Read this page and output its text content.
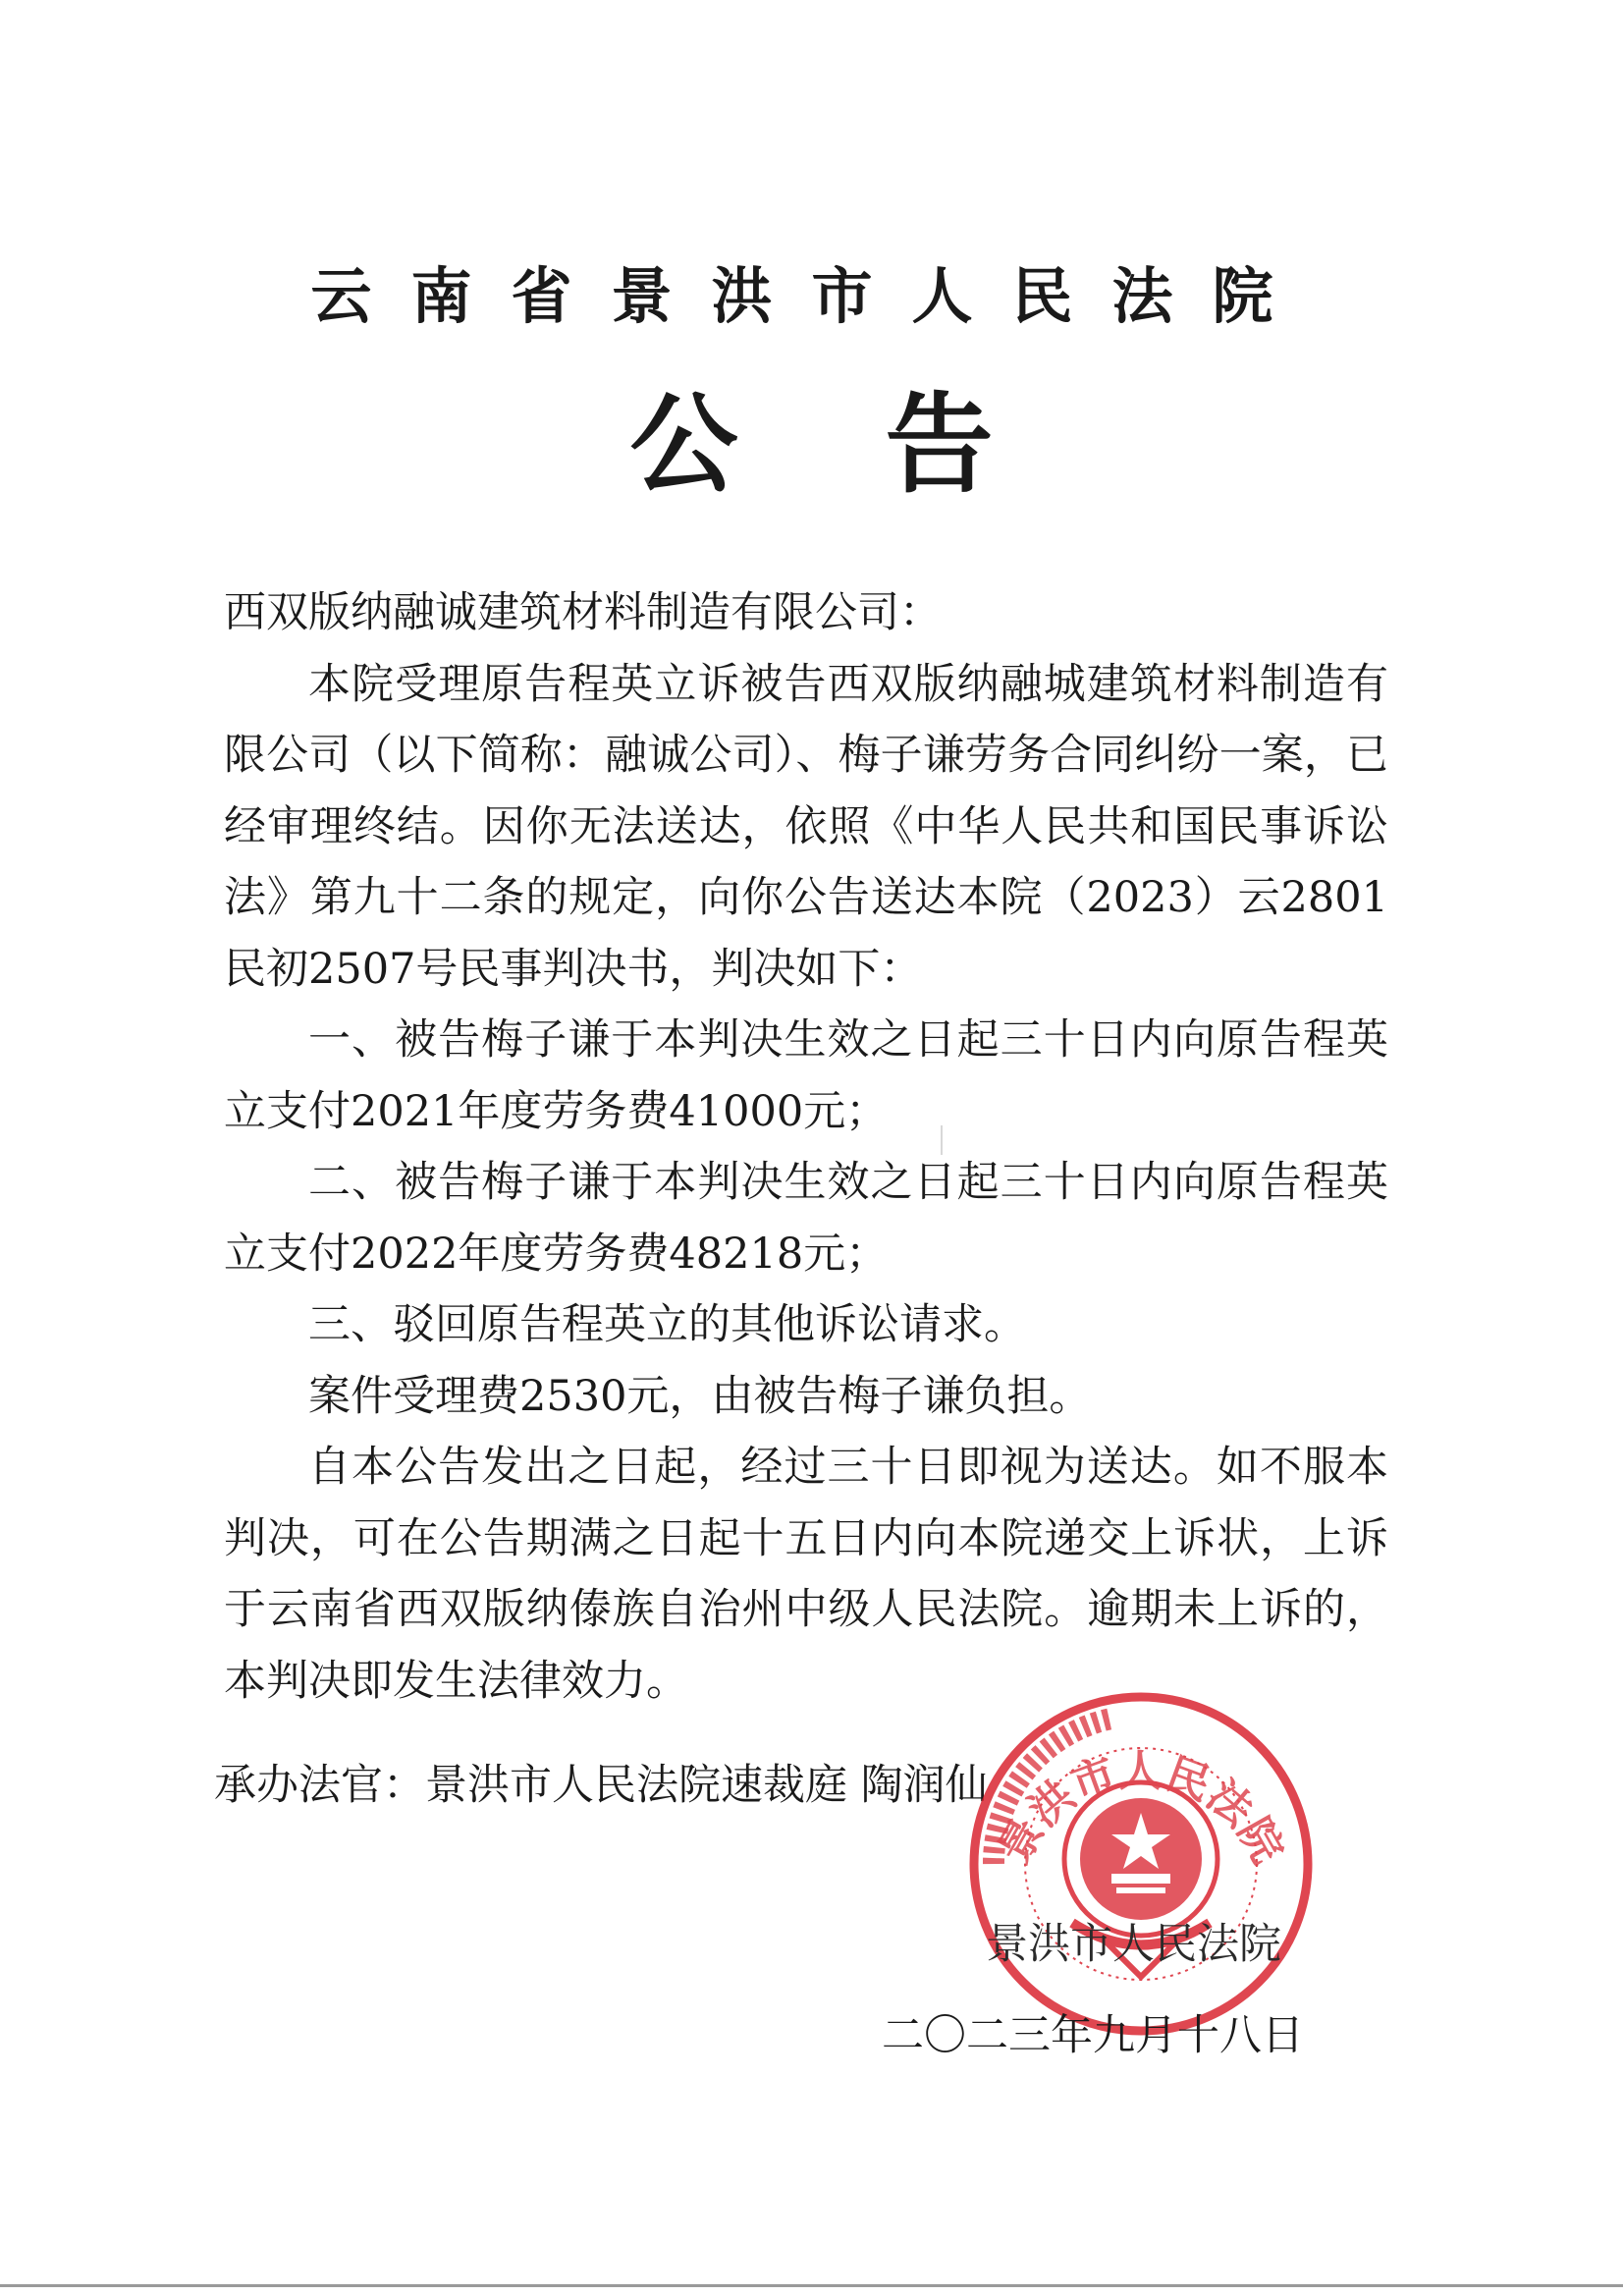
云南省景洪市人民法院
公 告

西双版纳融诚建筑材料制造有限公司：

本院受理原告程英立诉被告西双版纳融城建筑材料制造有限公司（以下简称：融诚公司）、梅子谦劳务合同纠纷一案，已经审理终结。因你无法送达，依照《中华人民共和国民事诉讼法》第九十二条的规定，向你公告送达本院（2023）云2801民初2507号民事判决书，判决如下：

一、被告梅子谦于本判决生效之日起三十日内向原告程英立支付2021年度劳务费41000元；

二、被告梅子谦于本判决生效之日起三十日内向原告程英立支付2022年度劳务费48218元；

三、驳回原告程英立的其他诉讼请求。

案件受理费2530元，由被告梅子谦负担。

自本公告发出之日起，经过三十日即视为送达。如不服本判决，可在公告期满之日起十五日内向本院递交上诉状，上诉于云南省西双版纳傣族自治州中级人民法院。逾期未上诉的，本判决即发生法律效力。

承办法官：景洪市人民法院速裁庭 陶润仙
景洪市人民法院
景洪市人民法院
二〇二三年九月十八日
